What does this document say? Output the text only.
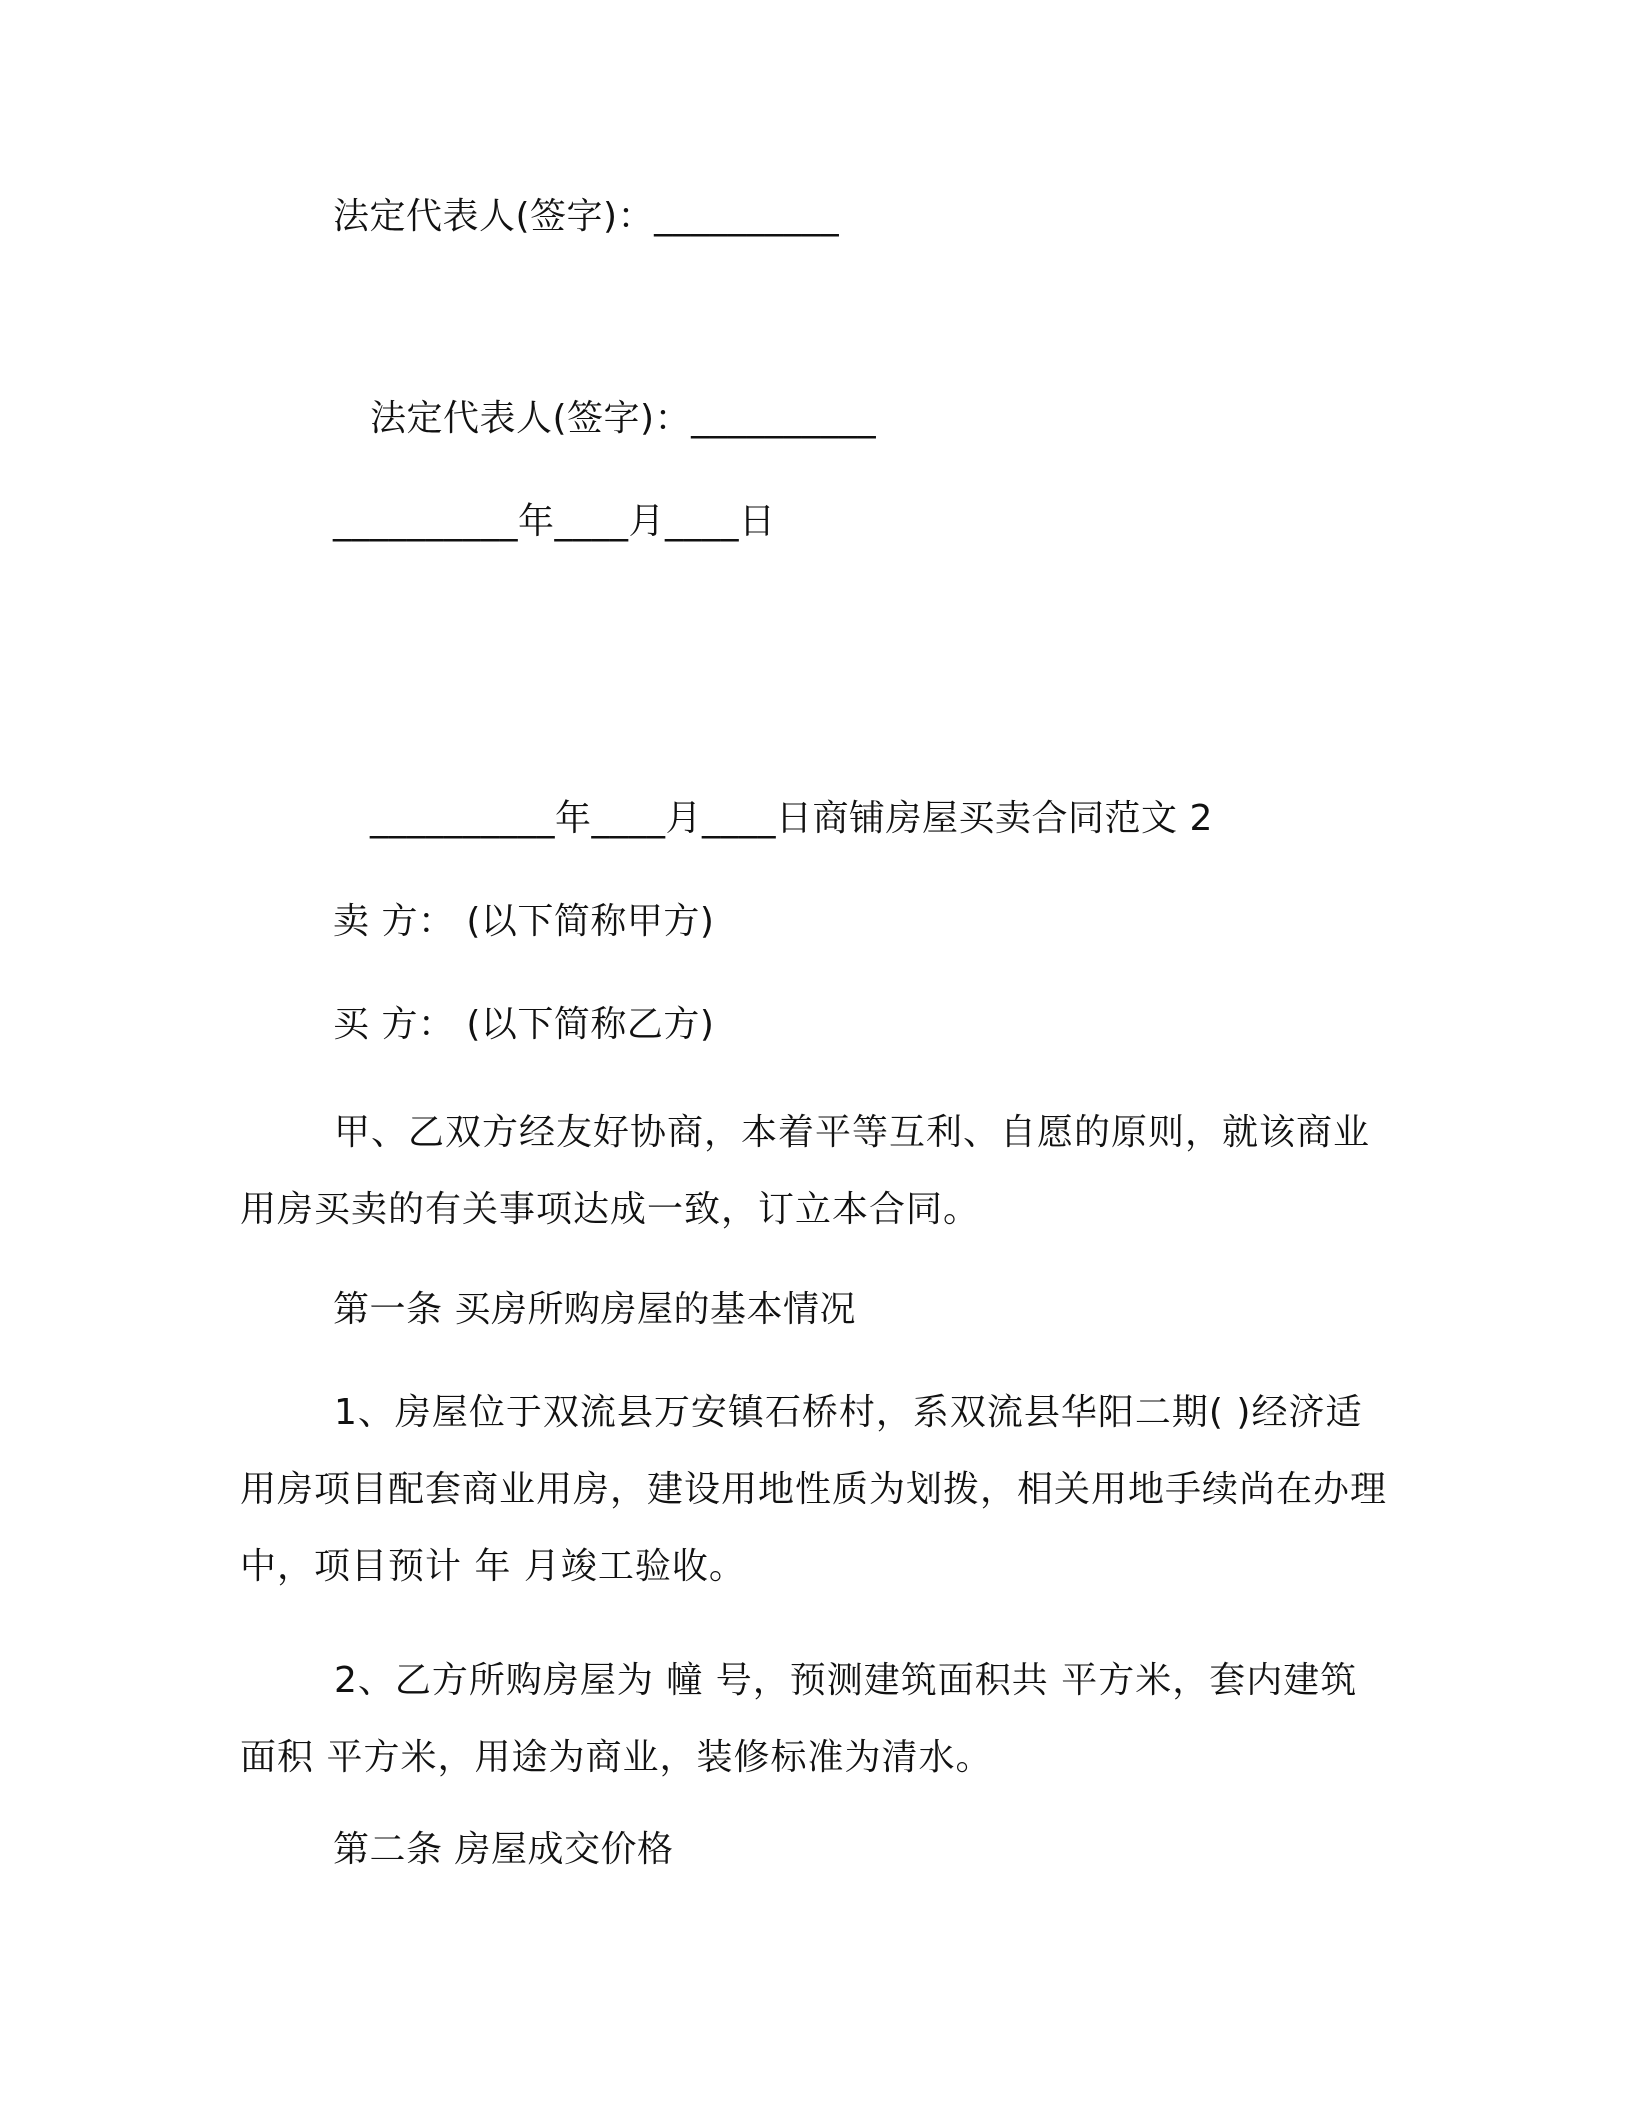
法定代表人(签字)：__________
法定代表人(签字)：__________
__________年____月____日
__________年____月____日商铺房屋买卖合同范文 2
卖 方： (以下简称甲方)
买 方： (以下简称乙方)
甲、乙双方经友好协商，本着平等互利、自愿的原则，就该商业用房买卖的有关事项达成一致，订立本合同。
第一条 买房所购房屋的基本情况
1、房屋位于双流县万安镇石桥村，系双流县华阳二期( )经济适用房项目配套商业用房，建设用地性质为划拨，相关用地手续尚在办理中，项目预计 年 月竣工验收。
2、乙方所购房屋为 幢 号，预测建筑面积共 平方米，套内建筑面积 平方米，用途为商业，装修标准为清水。
第二条 房屋成交价格
